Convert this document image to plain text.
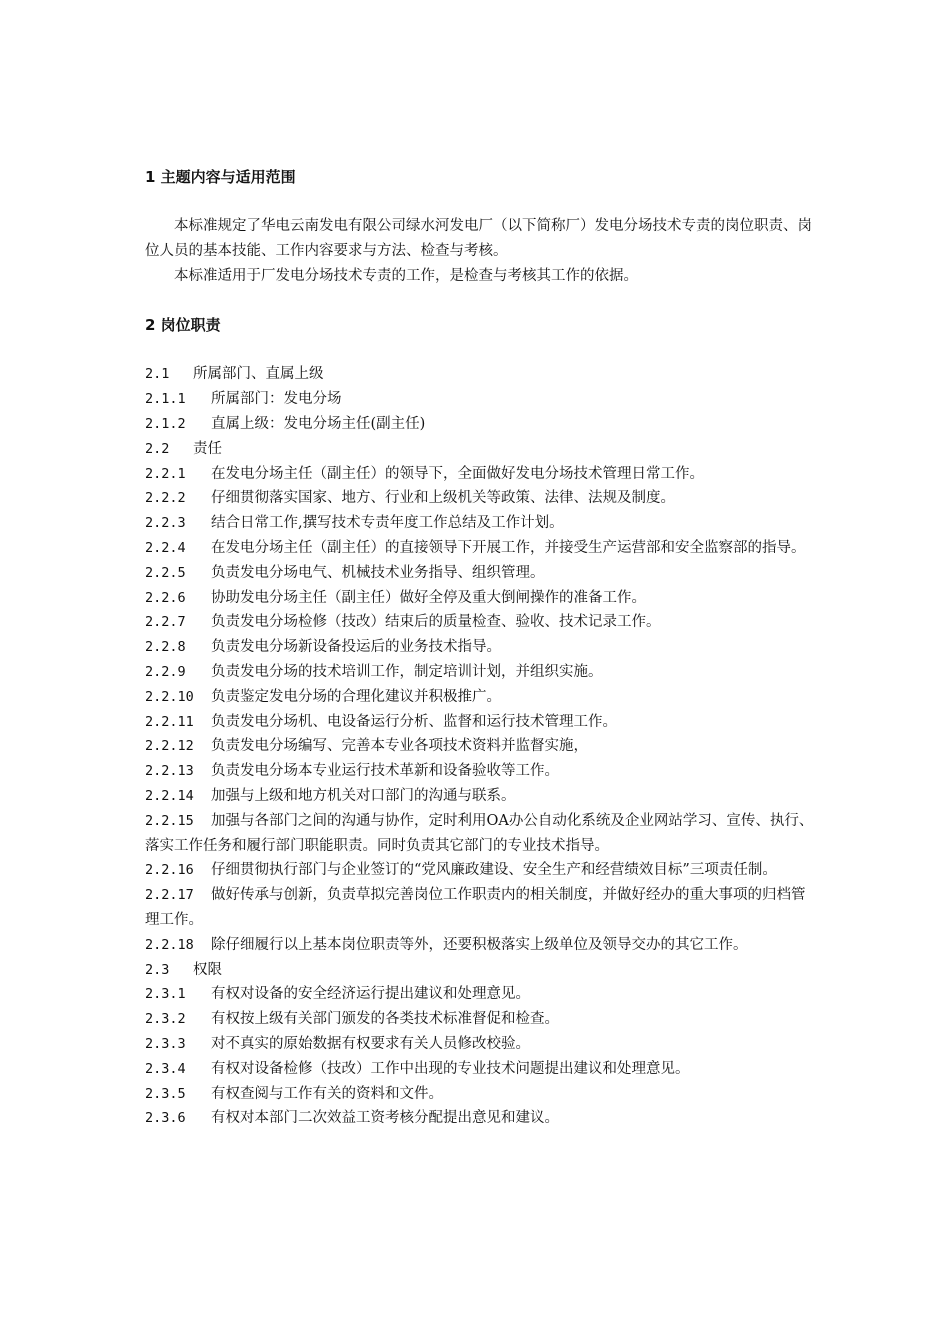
1 主题内容与适用范围

本标准规定了华电云南发电有限公司绿水河发电厂（以下简称厂）发电分场技术专责的岗位职责、岗位人员的基本技能、工作内容要求与方法、检查与考核。

本标准适用于厂发电分场技术专责的工作，是检查与考核其工作的依据。

2 岗位职责

2.1 所属部门、直属上级

2.1.1 所属部门：发电分场

2.1.2 直属上级：发电分场主任(副主任)

2.2 责任

2.2.1 在发电分场主任（副主任）的领导下，全面做好发电分场技术管理日常工作。

2.2.2 仔细贯彻落实国家、地方、行业和上级机关等政策、法律、法规及制度。

2.2.3 结合日常工作,撰写技术专责年度工作总结及工作计划。

2.2.4 在发电分场主任（副主任）的直接领导下开展工作，并接受生产运营部和安全监察部的指导。

2.2.5 负责发电分场电气、机械技术业务指导、组织管理。

2.2.6 协助发电分场主任（副主任）做好全停及重大倒闸操作的准备工作。

2.2.7 负责发电分场检修（技改）结束后的质量检查、验收、技术记录工作。

2.2.8 负责发电分场新设备投运后的业务技术指导。

2.2.9 负责发电分场的技术培训工作，制定培训计划，并组织实施。

2.2.10 负责鉴定发电分场的合理化建议并积极推广。

2.2.11 负责发电分场机、电设备运行分析、监督和运行技术管理工作。

2.2.12 负责发电分场编写、完善本专业各项技术资料并监督实施，

2.2.13 负责发电分场本专业运行技术革新和设备验收等工作。

2.2.14 加强与上级和地方机关对口部门的沟通与联系。

2.2.15 加强与各部门之间的沟通与协作，定时利用OA办公自动化系统及企业网站学习、宣传、执行、落实工作任务和履行部门职能职责。同时负责其它部门的专业技术指导。

2.2.16 仔细贯彻执行部门与企业签订的“党风廉政建设、安全生产和经营绩效目标”三项责任制。

2.2.17 做好传承与创新，负责草拟完善岗位工作职责内的相关制度，并做好经办的重大事项的归档管理工作。

2.2.18 除仔细履行以上基本岗位职责等外，还要积极落实上级单位及领导交办的其它工作。

2.3 权限

2.3.1 有权对设备的安全经济运行提出建议和处理意见。

2.3.2 有权按上级有关部门颁发的各类技术标准督促和检查。

2.3.3 对不真实的原始数据有权要求有关人员修改校验。

2.3.4 有权对设备检修（技改）工作中出现的专业技术问题提出建议和处理意见。

2.3.5 有权查阅与工作有关的资料和文件。

2.3.6 有权对本部门二次效益工资考核分配提出意见和建议。
